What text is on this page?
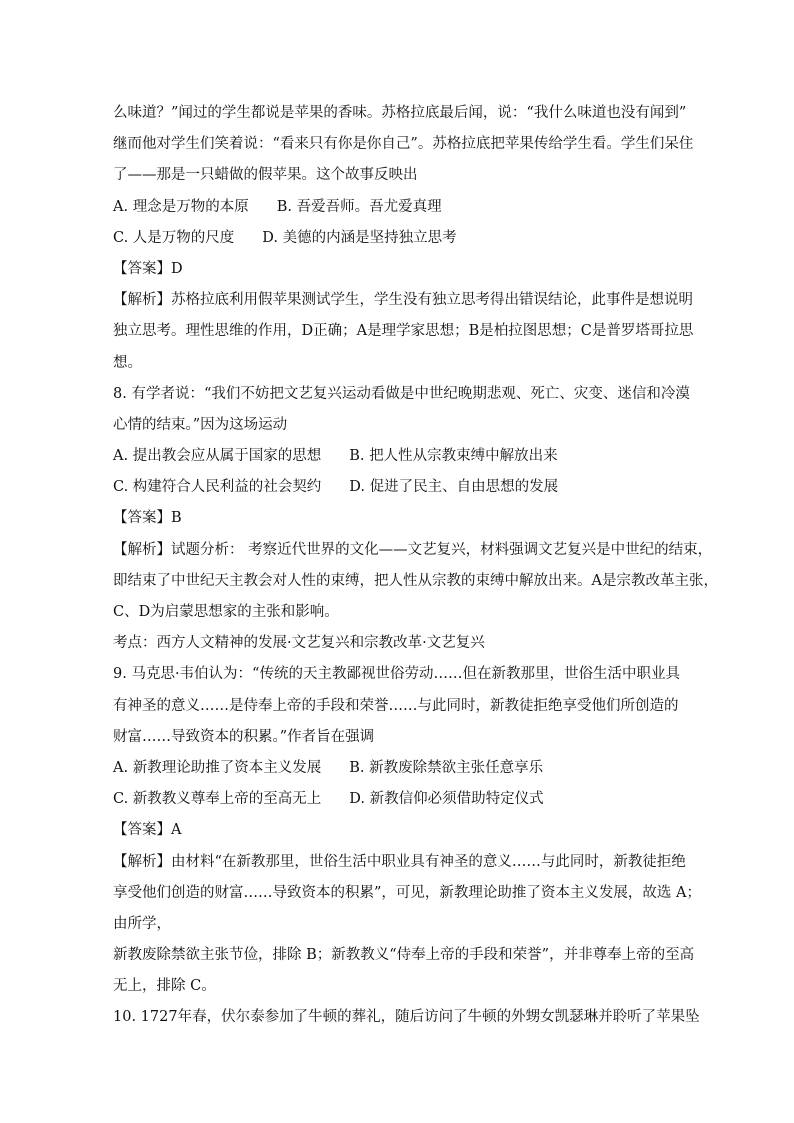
么味道？”闻过的学生都说是苹果的香味。苏格拉底最后闻，说：“我什么味道也没有闻到”
继而他对学生们笑着说：“看来只有你是你自己”。苏格拉底把苹果传给学生看。学生们呆住
了——那是一只蜡做的假苹果。这个故事反映出
A. 理念是万物的本原 B. 吾爱吾师。吾尤爱真理
C. 人是万物的尺度 D. 美德的内涵是坚持独立思考
【答案】D
【解析】苏格拉底利用假苹果测试学生，学生没有独立思考得出错误结论，此事件是想说明
独立思考。理性思维的作用，D正确；A是理学家思想；B是柏拉图思想；C是普罗塔哥拉思
想。
8. 有学者说：“我们不妨把文艺复兴运动看做是中世纪晚期悲观、死亡、灾变、迷信和冷漠
心情的结束。”因为这场运动
A. 提出教会应从属于国家的思想 B. 把人性从宗教束缚中解放出来
C. 构建符合人民利益的社会契约 D. 促进了民主、自由思想的发展
【答案】B
【解析】试题分析： 考察近代世界的文化——文艺复兴，材料强调文艺复兴是中世纪的结束，
即结束了中世纪天主教会对人性的束缚，把人性从宗教的束缚中解放出来。A是宗教改革主张，
C、D为启蒙思想家的主张和影响。
考点：西方人文精神的发展·文艺复兴和宗教改革·文艺复兴
9. 马克思·韦伯认为：“传统的天主教鄙视世俗劳动……但在新教那里，世俗生活中职业具
有神圣的意义……是侍奉上帝的手段和荣誉……与此同时，新教徒拒绝享受他们所创造的
财富……导致资本的积累。”作者旨在强调
A. 新教理论助推了资本主义发展 B. 新教废除禁欲主张任意享乐
C. 新教教义尊奉上帝的至高无上 D. 新教信仰必须借助特定仪式
【答案】A
【解析】由材料“在新教那里，世俗生活中职业具有神圣的意义……与此同时，新教徒拒绝
享受他们创造的财富……导致资本的积累”，可见，新教理论助推了资本主义发展，故选 A；
由所学，
新教废除禁欲主张节俭，排除 B；新教教义“侍奉上帝的手段和荣誉”，并非尊奉上帝的至高
无上，排除 C。
10. 1727年春，伏尔泰参加了牛顿的葬礼，随后访问了牛顿的外甥女凯瑟琳并聆听了苹果坠
